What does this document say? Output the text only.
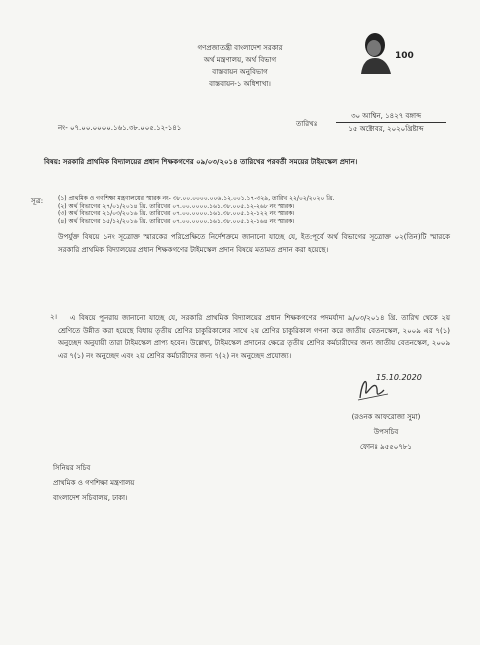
গণপ্রজাতন্ত্রী বাংলাদেশ সরকার
অর্থ মন্ত্রণালয়, অর্থ বিভাগ
বাস্তবায়ন অনুবিভাগ
বাস্তবায়ন-১ অধিশাখা।
100
নং- ০৭.০০.০০০০.১৬১.৩৮.০০৫.১২-১৪১	তারিখঃ
৩০ আশ্বিন, ১৪২৭ বঙ্গাব্দ
১৫ অক্টোবর, ২০২০খ্রিষ্টাব্দ
বিষয়: সরকারি প্রাথমিক বিদ্যালয়ের প্রধান শিক্ষকগণের ০৯/০৩/২০১৪ তারিখের পরবর্তী সময়ের টাইমস্কেল প্রদান।
সূত্র: (১) প্রাথমিক ও গণশিক্ষা মন্ত্রণালয়ের স্মারক নং- ৩৮.০০.০০০০.০০৬.১২.০০১.১৭-৩২৯, তারিখ ২২/০২/২০২০ খ্রি.
(২) অর্থ বিভাগের ২৭/০১/২০১৪ খ্রি. তারিখের ০৭.০০.০০০০.১৬১.৩৮.০০৫.১২-২৬৮ নং স্মারক।
(৩) অর্থ বিভাগের ২১/০৩/২০১৬ খ্রি. তারিখের ০৭.০০.০০০০.১৬১.৩৮.০০৫.১২-১২২ নং স্মারক।
(৪) অর্থ বিভাগের ১৫/১২/২০১৬ খ্রি. তারিখের ০৭.০০.০০০০.১৬১.৩৮.০০৫.১২-১৬৪ নং স্মারক।
উপর্যুক্ত বিষয়ে ১নং সূত্রোক্ত স্মারকের পরিপ্রেক্ষিতে নির্দেশক্রমে জানানো যাচ্ছে যে, ইত:পূর্বে অর্থ বিভাগের সূত্রোক্ত ০২(তিন)টি স্মারকে সরকারি প্রাথমিক বিদ্যালয়ের প্রধান শিক্ষকগণের টাইমস্কেল প্রদান বিষয়ে মতামত প্রদান করা হয়েছে।
২।	এ বিষয়ে পুনরায় জানানো যাচ্ছে যে, সরকারি প্রাথমিক বিদ্যালয়ের প্রধান শিক্ষকগণের পদমর্যাদা ৯/০৩/২০১৪ খ্রি. তারিখ থেকে ২য় শ্রেণিতে উন্নীত করা হয়েছে বিধায় তৃতীয় শ্রেণির চাকুরিকালের সাথে ২য় শ্রেণির চাকুরিকাল গণনা করে জাতীয় বেতনস্কেল, ২০০৯ এর ৭(১) অনুচ্ছেদ অনুযায়ী তারা টাইমস্কেল প্রাপ্য হবেন। উল্লেখ্য, টাইমস্কেল প্রদানের ক্ষেত্রে তৃতীয় শ্রেণির কর্মচারীদের জন্য জাতীয় বেতনস্কেল, ২০০৯ এর ৭(১) নং অনুচ্ছেদ এবং ২য় শ্রেণির কর্মচারীদের জন্য ৭(২) নং অনুচ্ছেদ প্রযোজ্য।
15.10.2020
(রওনক আফরোজা সুমা)
উপসচিব
ফোনঃ ৯৫৫০৭৮১
সিনিয়র সচিব
প্রাথমিক ও গণশিক্ষা মন্ত্রণালয়
বাংলাদেশ সচিবালয়, ঢাকা।
